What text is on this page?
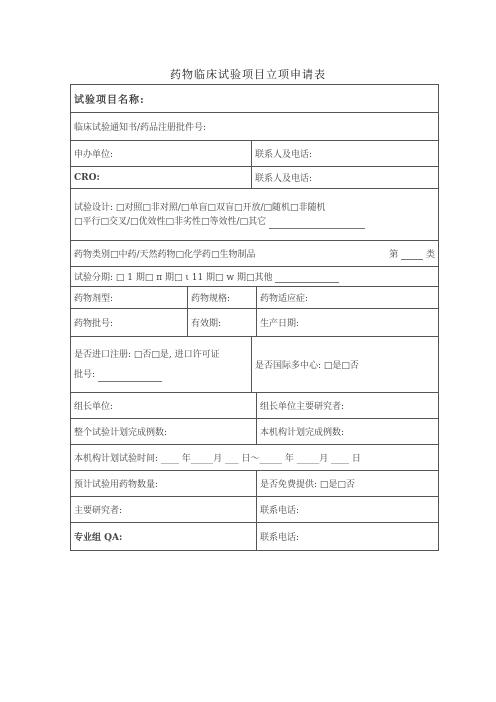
药物临床试验项目立项申请表
试验项目名称:			
临床试验通知书/药品注册批件号:			
申办单位:		联系人及电话:	
CRO:		联系人及电话:	

试验设计: □对照□非对照/□单盲□双盲□开放/□随机□非随机
□平行□交叉/□优效性□非劣性□等效性/□其它			

药物类别□中药/天然药物□化学药□生物制品 第 类			

试验分期: □ 1 期□ π 期□ ι 11 期□ w 期□其他			
药物剂型:	药物规格:		药物适应症:
药物批号:	有效期:		生产日期:

是否进口注册: □否□是, 进口许可证
批号:		是否国际多中心: □是□否	
组长单位:			组长单位主要研究者:
整个试验计划完成例数:			本机构计划完成例数:
本机构计划试验时间: ____ 年_____月 ___ 日〜_____ 年 _____月 ____ 日			
预计试验用药物数量:			是否免费提供: □是□否
主要研究者:			联系电话:
专业组 QA:			联系电话:
